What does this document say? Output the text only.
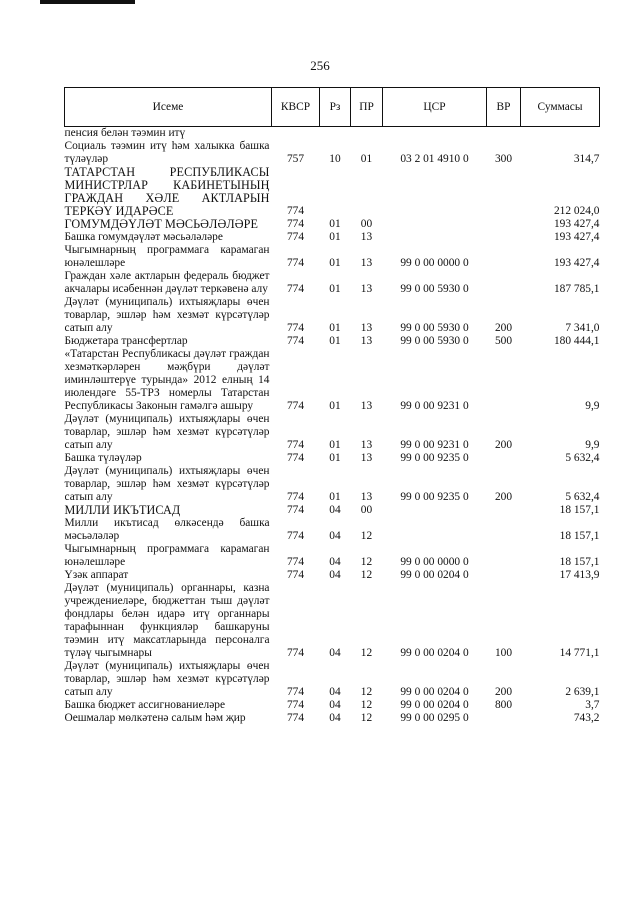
256
Исеме	КВСР	Рз	ПР	ЦСР	ВР	Суммасы
пенсия белән тәэмин итү						
Социаль тәэмин итү һәм халыкка башка түләүләр	757	10	01	03 2 01 4910 0	300	314,7
ТАТАРСТАН РЕСПУБЛИКАСЫ МИНИСТРЛАР КАБИНЕТЫНЫҢ ГРАЖДАН ХӘЛЕ АКТЛАРЫН ТЕРКӘҮ ИДАРӘСЕ	774					212 024,0
ГОМУМДӘҮЛӘТ МӘСЬӘЛӘЛӘРЕ	774	01	00			193 427,4
Башка гомумдәүләт мәсьәләләре	774	01	13			193 427,4
Чыгымнарның программага карамаган юнәлешләре	774	01	13	99 0 00 0000 0		193 427,4
Граждан хәле актларын федераль бюджет акчалары исәбеннән дәүләт теркәвенә алу	774	01	13	99 0 00 5930 0		187 785,1
Дәүләт (муниципаль) ихтыяҗлары өчен товарлар, эшләр һәм хезмәт күрсәтүләр сатып алу	774	01	13	99 0 00 5930 0	200	7 341,0
Бюджетара трансфертлар	774	01	13	99 0 00 5930 0	500	180 444,1
«Татарстан Республикасы дәүләт граждан хезмәткәрләрен мәҗбүри дәүләт иминләштерүе турында» 2012 елның 14 июлендәге 55-ТРЗ номерлы Татарстан Республикасы Законын гамәлгә ашыру	774	01	13	99 0 00 9231 0		9,9
Дәүләт (муниципаль) ихтыяҗлары өчен товарлар, эшләр һәм хезмәт күрсәтүләр сатып алу	774	01	13	99 0 00 9231 0	200	9,9
Башка түләүләр	774	01	13	99 0 00 9235 0		5 632,4
Дәүләт (муниципаль) ихтыяҗлары өчен товарлар, эшләр һәм хезмәт күрсәтүләр сатып алу	774	01	13	99 0 00 9235 0	200	5 632,4
МИЛЛИ ИКЪТИСАД	774	04	00			18 157,1
Милли икътисад өлкәсендә башка мәсьәләләр	774	04	12			18 157,1
Чыгымнарның программага карамаган юнәлешләре	774	04	12	99 0 00 0000 0		18 157,1
Үзәк аппарат	774	04	12	99 0 00 0204 0		17 413,9
Дәүләт (муниципаль) органнары, казна учреждениеләре, бюджеттан тыш дәүләт фондлары белән идарә итү органнары тарафыннан функцияләр башкаруны тәэмин итү максатларында персоналга түләү чыгымнары	774	04	12	99 0 00 0204 0	100	14 771,1
Дәүләт (муниципаль) ихтыяҗлары өчен товарлар, эшләр һәм хезмәт күрсәтүләр сатып алу	774	04	12	99 0 00 0204 0	200	2 639,1
Башка бюджет ассигнованиеләре	774	04	12	99 0 00 0204 0	800	3,7
Оешмалар мөлкәтенә салым һәм җир	774	04	12	99 0 00 0295 0		743,2
